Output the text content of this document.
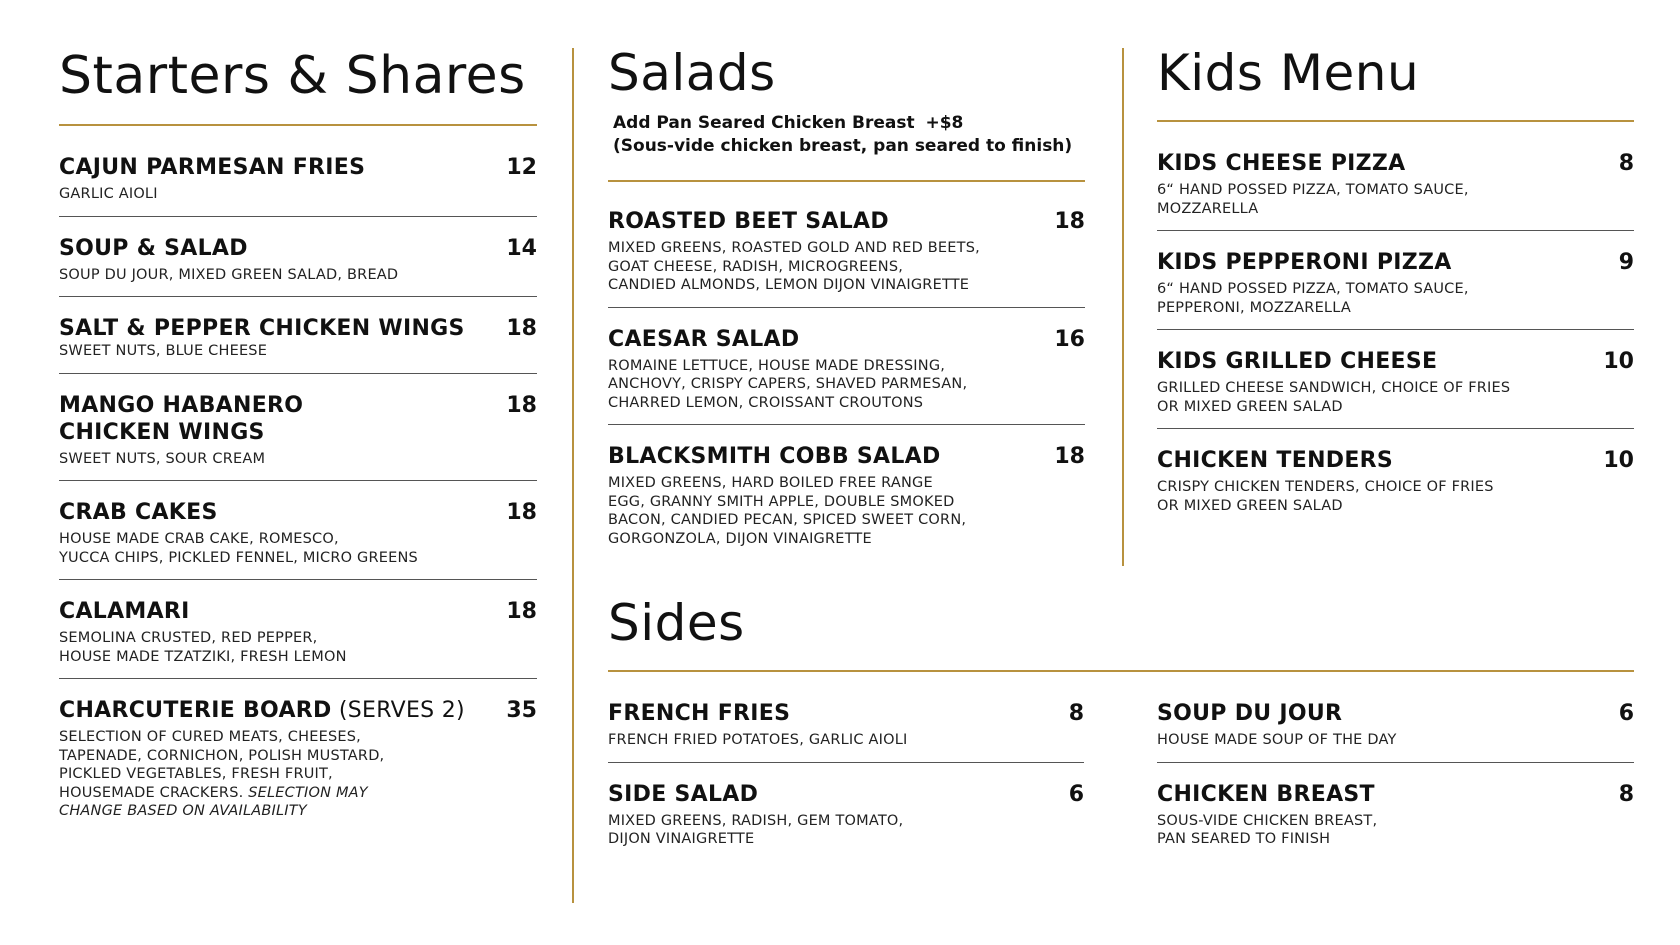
Starters & Shares
CAJUN PARMESAN FRIES	12
GARLIC AIOLI
SOUP & SALAD	14
SOUP DU JOUR, MIXED GREEN SALAD, BREAD
SALT & PEPPER CHICKEN WINGS 18
SWEET NUTS, BLUE CHEESE
MANGO HABANERO
CHICKEN WINGS
18
SWEET NUTS, SOUR CREAM
CRAB CAKES	18
HOUSE MADE CRAB CAKE, ROMESCO,
YUCCA CHIPS, PICKLED FENNEL, MICRO GREENS
CALAMARI	18
SEMOLINA CRUSTED, RED PEPPER,
HOUSE MADE TZATZIKI, FRESH LEMON
CHARCUTERIE BOARD (SERVES 2) 35
SELECTION OF CURED MEATS, CHEESES,
TAPENADE, CORNICHON, POLISH MUSTARD,
PICKLED VEGETABLES, FRESH FRUIT,
HOUSEMADE CRACKERS. SELECTION MAY
CHANGE BASED ON AVAILABILITY
Salads
Add Pan Seared Chicken Breast +$8
(Sous-vide chicken breast, pan seared to finish)
ROASTED BEET SALAD	18
MIXED GREENS, ROASTED GOLD AND RED BEETS,
GOAT CHEESE, RADISH, MICROGREENS,
CANDIED ALMONDS, LEMON DIJON VINAIGRETTE
CAESAR SALAD	16
ROMAINE LETTUCE, HOUSE MADE DRESSING,
ANCHOVY, CRISPY CAPERS, SHAVED PARMESAN,
CHARRED LEMON, CROISSANT CROUTONS
BLACKSMITH COBB SALAD	18
MIXED GREENS, HARD BOILED FREE RANGE
EGG, GRANNY SMITH APPLE, DOUBLE SMOKED
BACON, CANDIED PECAN, SPICED SWEET CORN,
GORGONZOLA, DIJON VINAIGRETTE
Kids Menu
KIDS CHEESE PIZZA	8
6“ HAND POSSED PIZZA, TOMATO SAUCE,
MOZZARELLA
KIDS PEPPERONI PIZZA	9
6“ HAND POSSED PIZZA, TOMATO SAUCE,
PEPPERONI, MOZZARELLA
KIDS GRILLED CHEESE	10
GRILLED CHEESE SANDWICH, CHOICE OF FRIES
OR MIXED GREEN SALAD
CHICKEN TENDERS	10
CRISPY CHICKEN TENDERS, CHOICE OF FRIES
OR MIXED GREEN SALAD
Sides
FRENCH FRIES	8
FRENCH FRIED POTATOES, GARLIC AIOLI
SIDE SALAD	6
MIXED GREENS, RADISH, GEM TOMATO,
DIJON VINAIGRETTE
SOUP DU JOUR	6
HOUSE MADE SOUP OF THE DAY
CHICKEN BREAST	8
SOUS-VIDE CHICKEN BREAST,
PAN SEARED TO FINISH
